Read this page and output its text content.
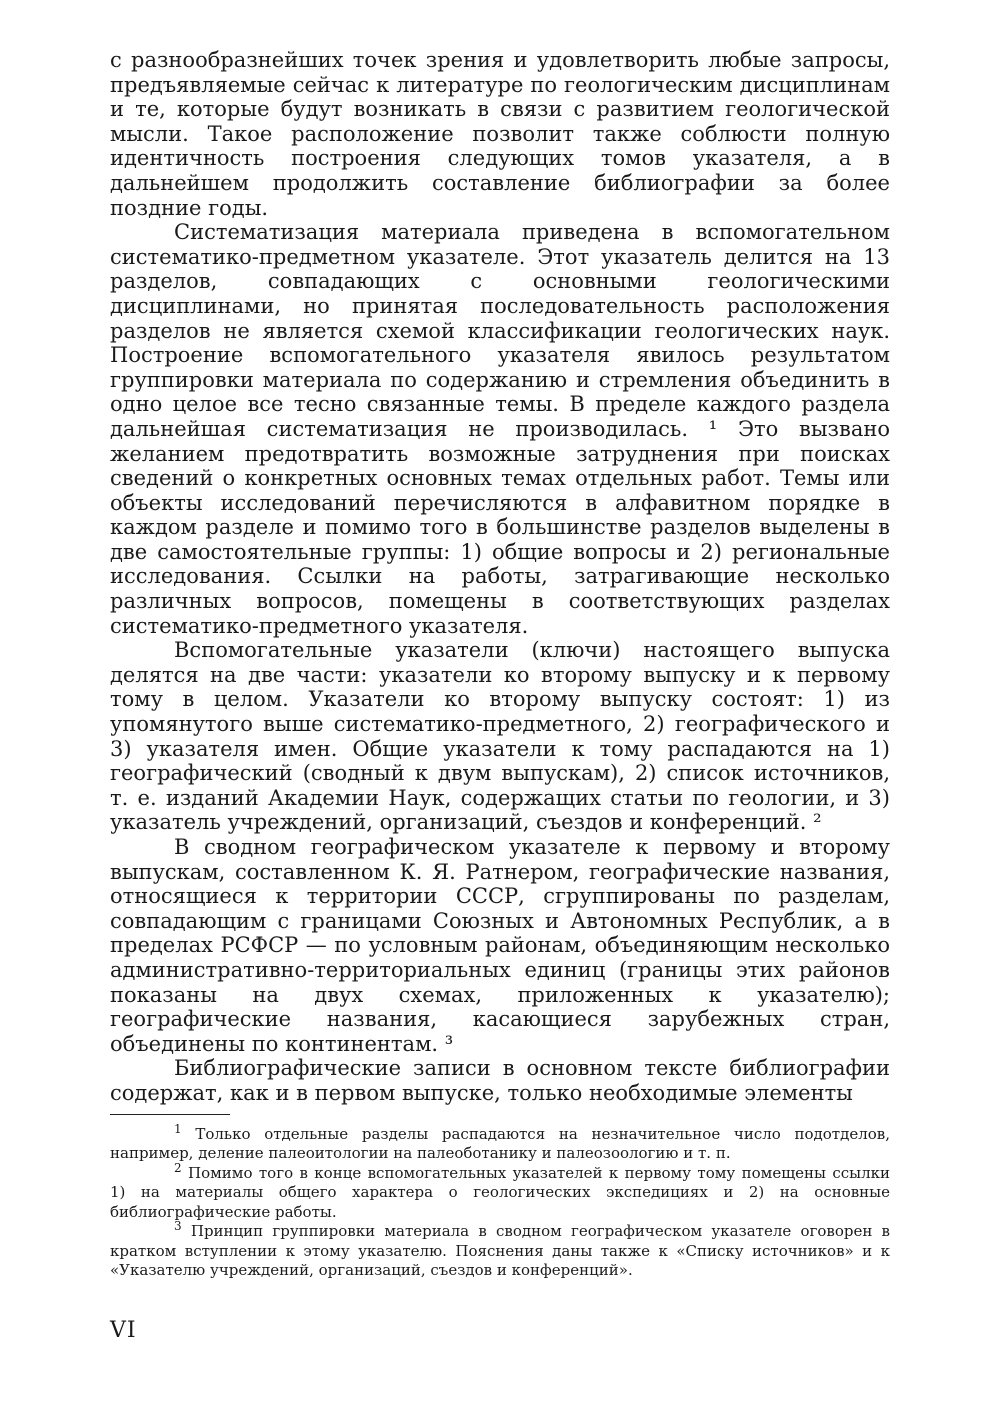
с разнообразнейших точек зрения и удовлетворить любые запросы, предъявляемые сейчас к литературе по геологическим дисциплинам и те, которые будут возникать в связи с развитием геологической мысли. Такое расположение позволит также соблюсти полную идентичность построения следующих томов указателя, а в дальнейшем продолжить составление библиографии за более поздние годы.

Систематизация материала приведена в вспомогательном систематико-предметном указателе. Этот указатель делится на 13 разделов, совпадающих с основными геологическими дисциплинами, но принятая последовательность расположения разделов не является схемой классификации геологических наук. Построение вспомогательного указателя явилось результатом группировки материала по содержанию и стремления объединить в одно целое все тесно связанные темы. В пределе каждого раздела дальнейшая систематизация не производилась. ¹ Это вызвано желанием предотвратить возможные затруднения при поисках сведений о конкретных основных темах отдельных работ. Темы или объекты исследований перечисляются в алфавитном порядке в каждом разделе и помимо того в большинстве разделов выделены в две самостоятельные группы: 1) общие вопросы и 2) региональные исследования. Ссылки на работы, затрагивающие несколько различных вопросов, помещены в соответствующих разделах систематико-предметного указателя.

Вспомогательные указатели (ключи) настоящего выпуска делятся на две части: указатели ко второму выпуску и к первому тому в целом. Указатели ко второму выпуску состоят: 1) из упомянутого выше систематико-предметного, 2) географического и 3) указателя имен. Общие указатели к тому распадаются на 1) географический (сводный к двум выпускам), 2) список источников, т. е. изданий Академии Наук, содержащих статьи по геологии, и 3) указатель учреждений, организаций, съездов и конференций. ²

В сводном географическом указателе к первому и второму выпускам, составленном К. Я. Ратнером, географические названия, относящиеся к территории СССР, сгруппированы по разделам, совпадающим с границами Союзных и Автономных Республик, а в пределах РСФСР — по условным районам, объединяющим несколько административно-территориальных единиц (границы этих районов показаны на двух схемах, приложенных к указателю); географические названия, касающиеся зарубежных стран, объединены по континентам. ³

Библиографические записи в основном тексте библиографии содержат, как и в первом выпуске, только необходимые элементы

$^1$ Только отдельные разделы распадаются на незначительное число подотделов, например, деление палеоитологии на палеоботанику и палеозоологию и т. п.

$^2$ Помимо того в конце вспомогательных указателей к первому тому помещены ссылки 1) на материалы общего характера о геологических экспедициях и 2) на основные библиографические работы.

$^3$ Принцип группировки материала в сводном географическом указателе оговорен в кратком вступлении к этому указателю. Пояснения даны также к «Списку источников» и к «Указателю учреждений, организаций, съездов и конференций».

VI
